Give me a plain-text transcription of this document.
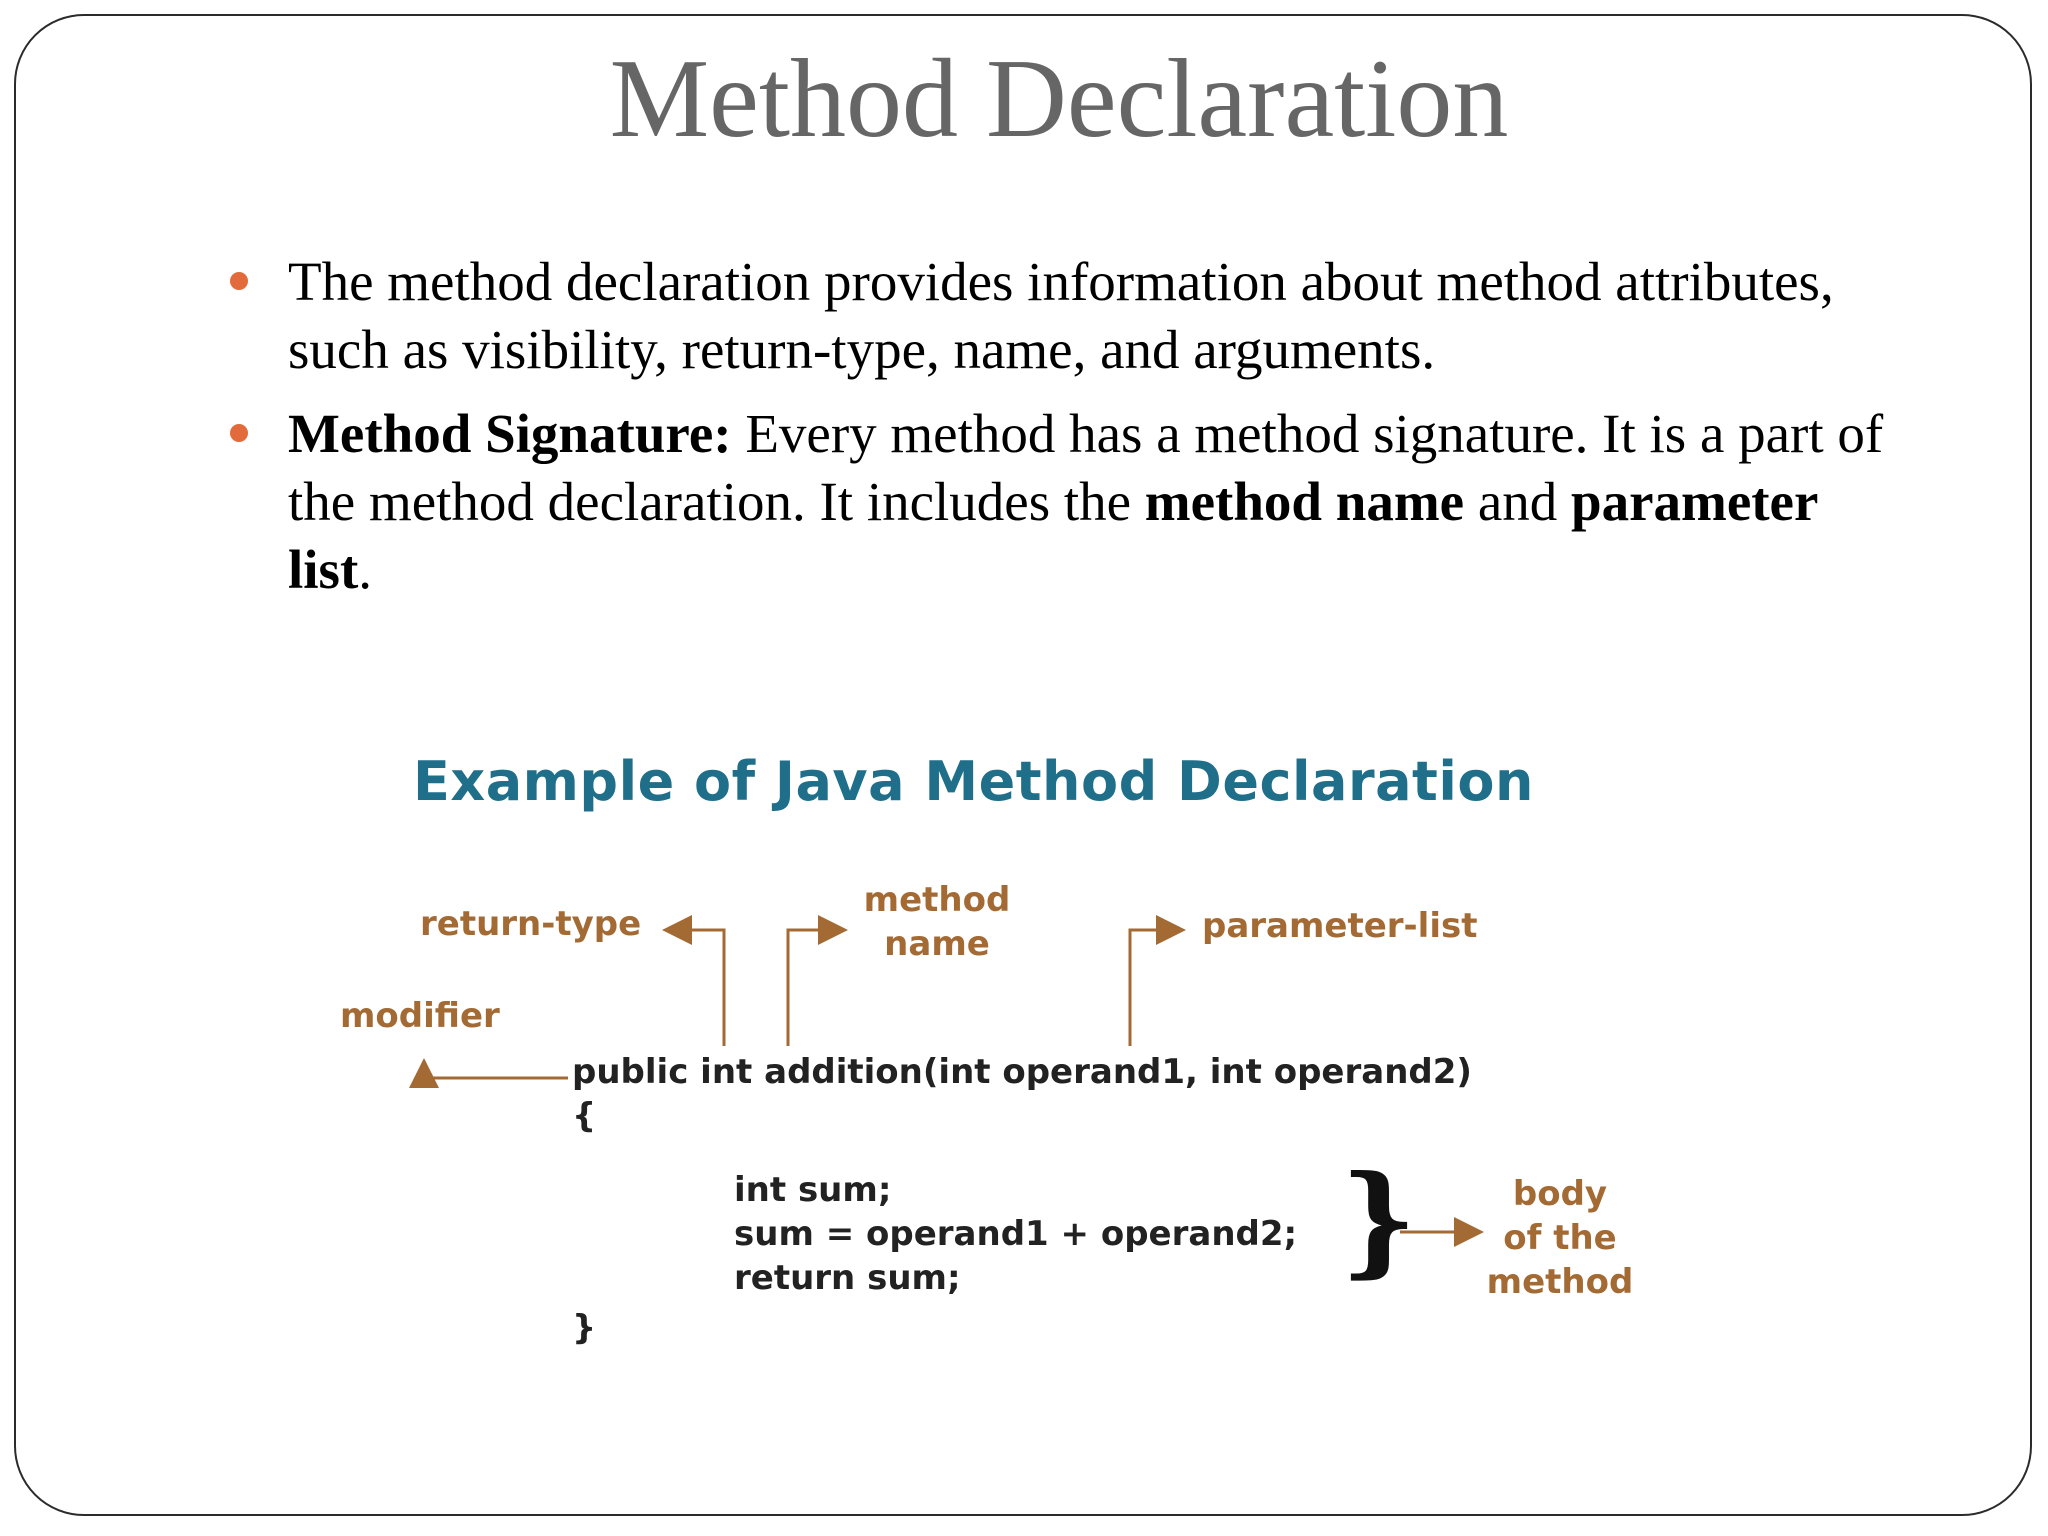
Method Declaration
The method declaration provides information about method attributes, such as visibility, return-type, name, and arguments.
Method Signature: Every method has a method signature. It is a part of the method declaration. It includes the method name and parameter list.
Example of Java Method Declaration
return-type
method
name	parameter-list
modifier
public int addition(int operand1, int operand2)
{
int sum;
sum = operand1 + operand2;
return sum;
}
}	body
of the
method
